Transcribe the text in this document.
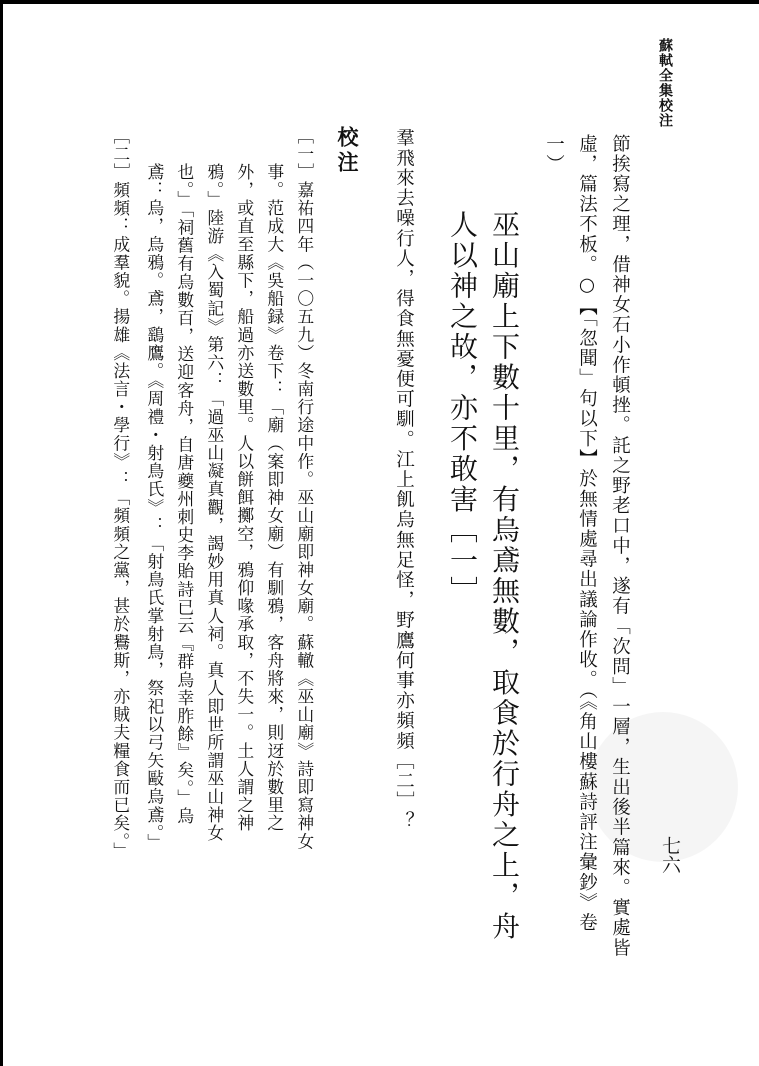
蘇軾全集校注
七六
節挨寫之理，借神女石小作頓挫。託之野老口中，遂有「次問」一層，生出後半篇來。實處皆
虛，篇法不板。○【「忽聞」句以下】於無情處尋出議論作收。（《角山樓蘇詩評注彙鈔》卷
一）
巫山廟上下數十里，有烏鳶無數，取食於行舟之上，舟
人以神之故，亦不敢害［一］
羣飛來去噪行人，得食無憂便可馴。江上飢烏無足怪，野鷹何事亦頻頻［二］？
校注
［一］嘉祐四年（一〇五九）冬南行途中作。巫山廟即神女廟。蘇轍《巫山廟》詩即寫神女
　　事。范成大《吳船録》卷下：「廟（案即神女廟）有馴鴉，客舟將來，則迓於數里之
　　外，或直至縣下，船過亦送數里。人以餅餌擲空，鴉仰喙承取，不失一。土人謂之神
　　鴉。」陸游《入蜀記》第六：「過巫山凝真觀，謁妙用真人祠。真人即世所謂巫山神女
　　也。」「祠舊有烏數百，送迎客舟，自唐夔州刺史李貽詩已云『群烏幸胙餘』矣。」烏
　　鳶：烏，烏鴉。鳶，鷂鷹。《周禮・射鳥氏》：「射鳥氏掌射鳥，祭祀以弓矢敺烏鳶。」
［二］頻頻：成羣貌。揚雄《法言・學行》：「頻頻之黨，甚於鸒斯，亦賊夫糧食而已矣。」
